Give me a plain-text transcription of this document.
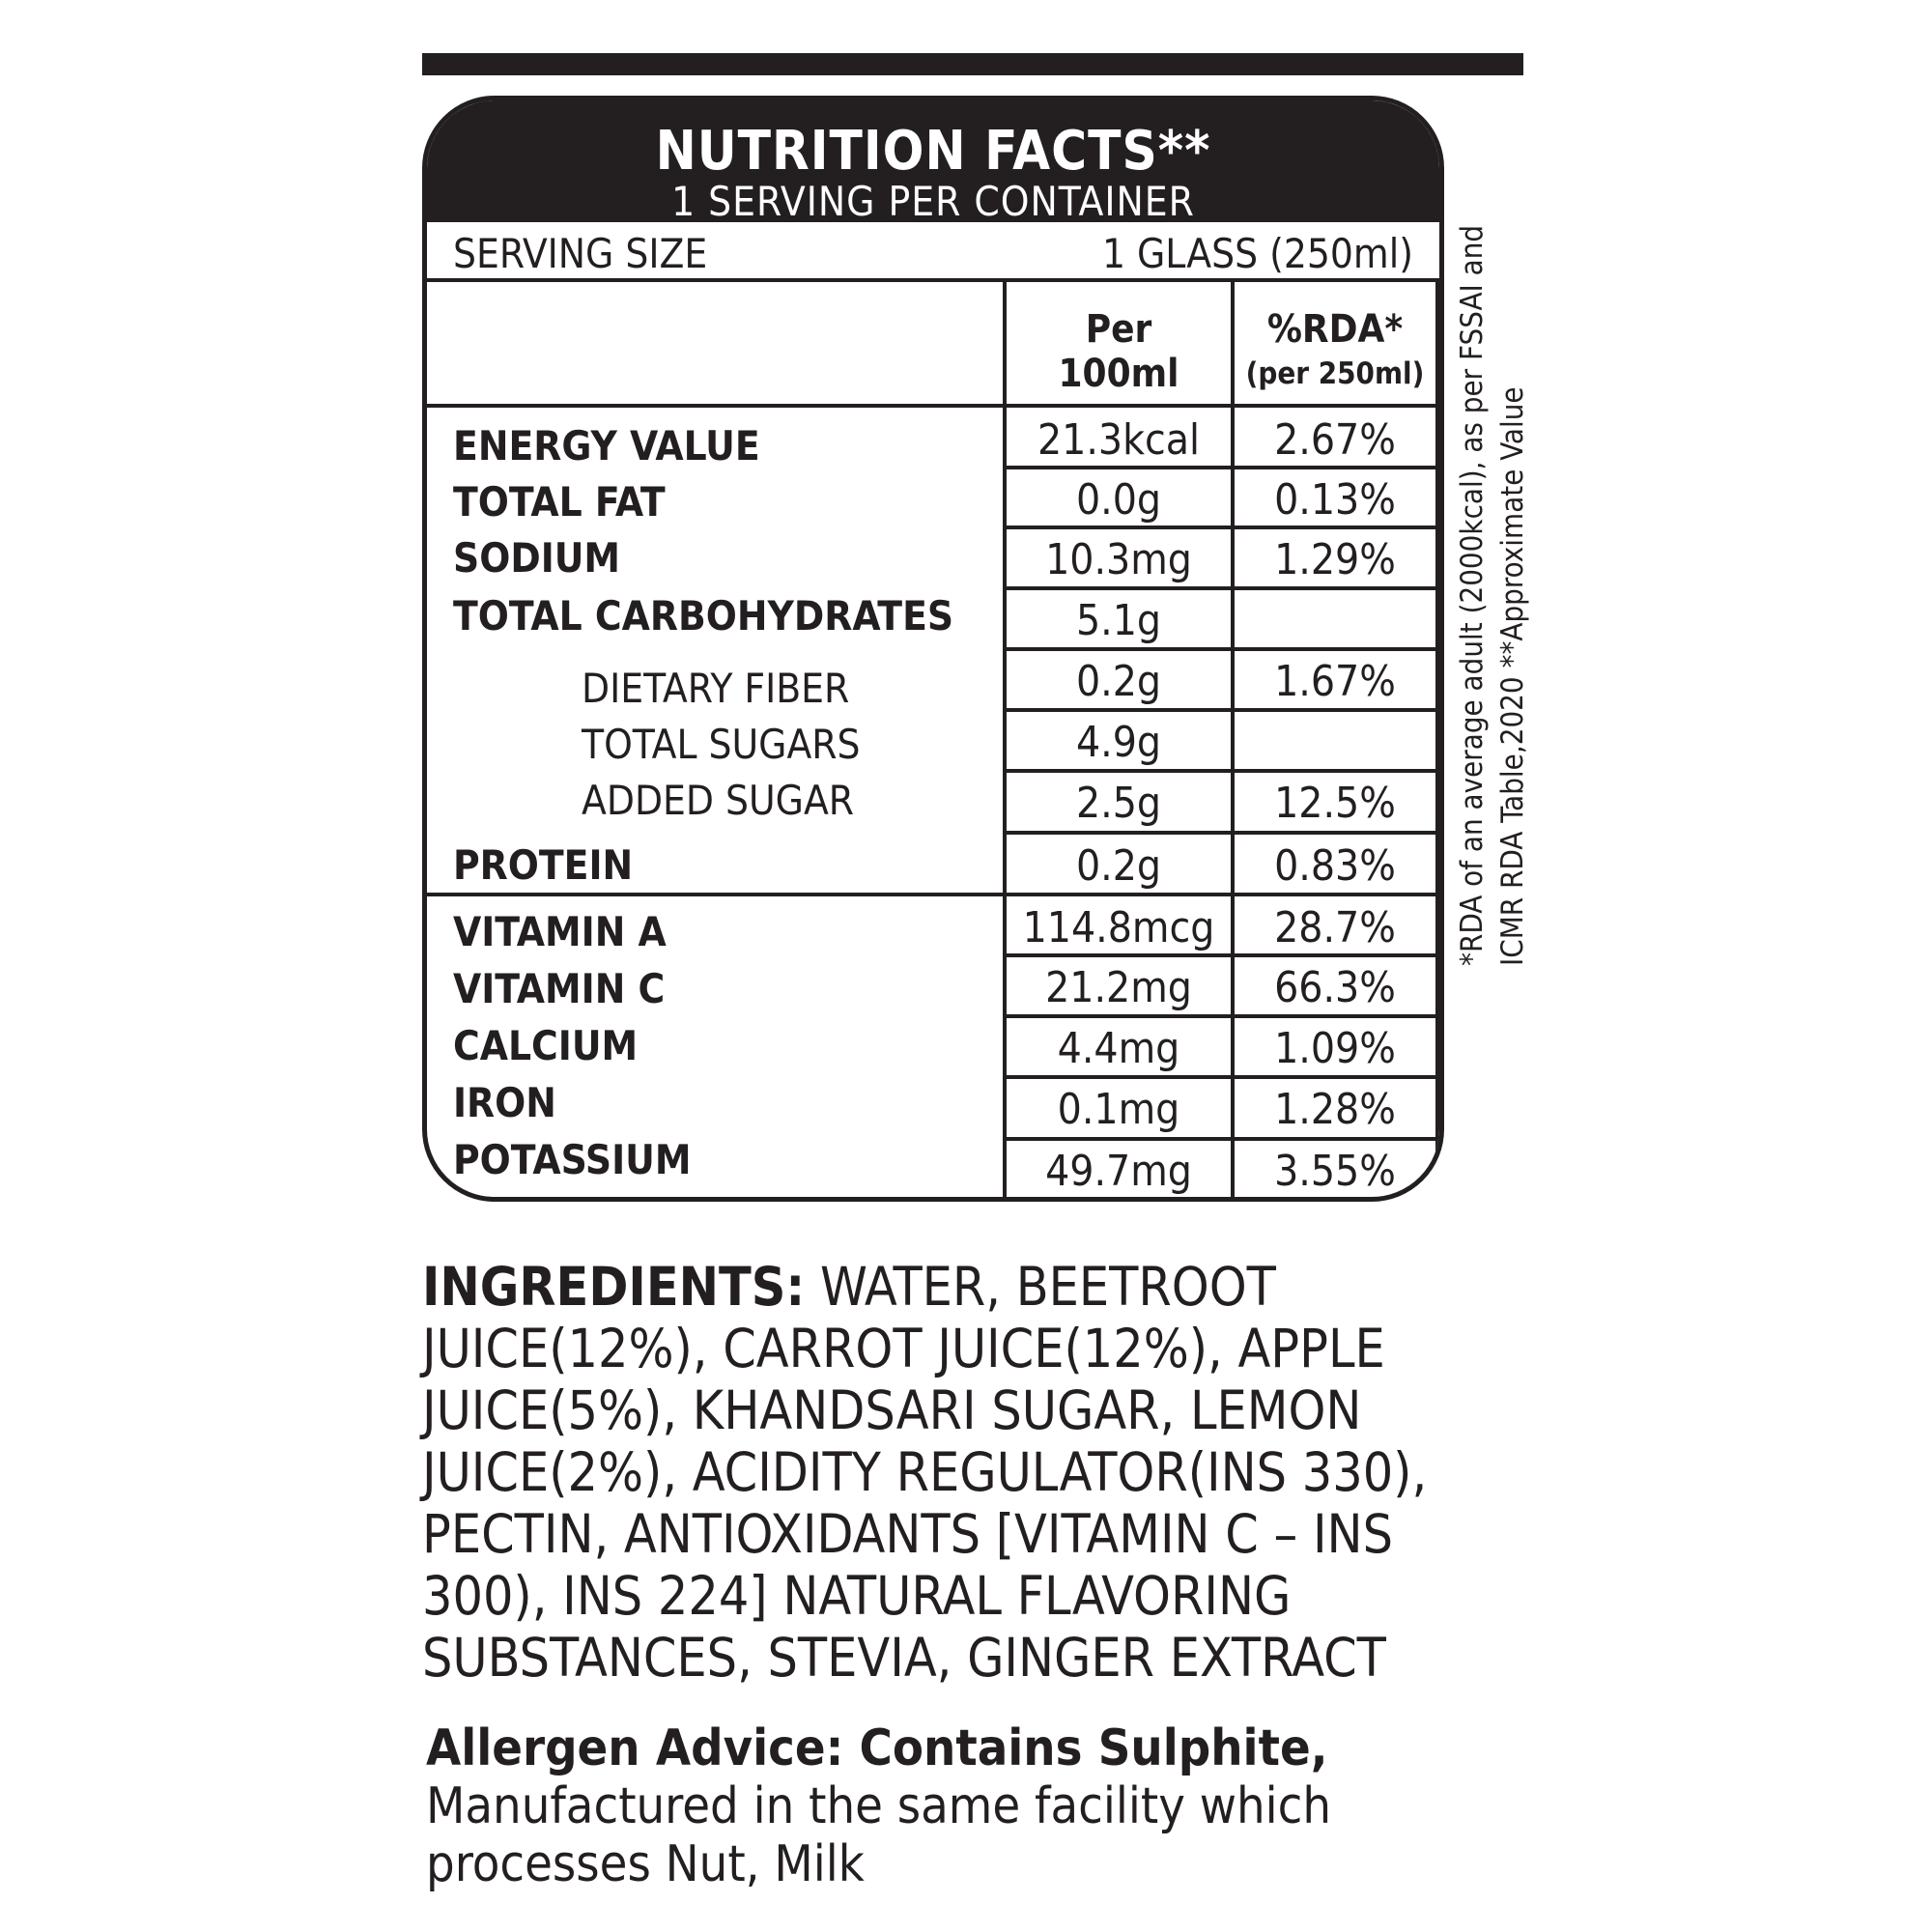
NUTRITION FACTS**
1 SERVING PER CONTAINER
SERVING SIZE	1 GLASS (250ml)
Per
100ml
%RDA*
(per 250ml)
ENERGY VALUE
TOTAL FAT
SODIUM
TOTAL CARBOHYDRATES
DIETARY FIBER
TOTAL SUGARS
ADDED SUGAR
PROTEIN
VITAMIN A
VITAMIN C
CALCIUM
IRON
POTASSIUM
21.3kcal
0.0g
10.3mg
5.1g
0.2g
4.9g
2.5g
0.2g
114.8mcg
21.2mg
4.4mg
0.1mg
49.7mg
2.67%
0.13%
1.29%
1.67%
12.5%
0.83%
28.7%
66.3%
1.09%
1.28%
3.55%
*RDA of an average adult (2000kcal), as per FSSAI and ICMR RDA Table,2020 **Approximate Value
INGREDIENTS: WATER, BEETROOT JUICE(12%), CARROT JUICE(12%), APPLE JUICE(5%), KHANDSARI SUGAR, LEMON JUICE(2%), ACIDITY REGULATOR(INS 330), PECTIN, ANTIOXIDANTS [VITAMIN C – INS 300), INS 224] NATURAL FLAVORING SUBSTANCES, STEVIA, GINGER EXTRACT
Allergen Advice: Contains Sulphite,
Manufactured in the same facility which processes Nut, Milk
